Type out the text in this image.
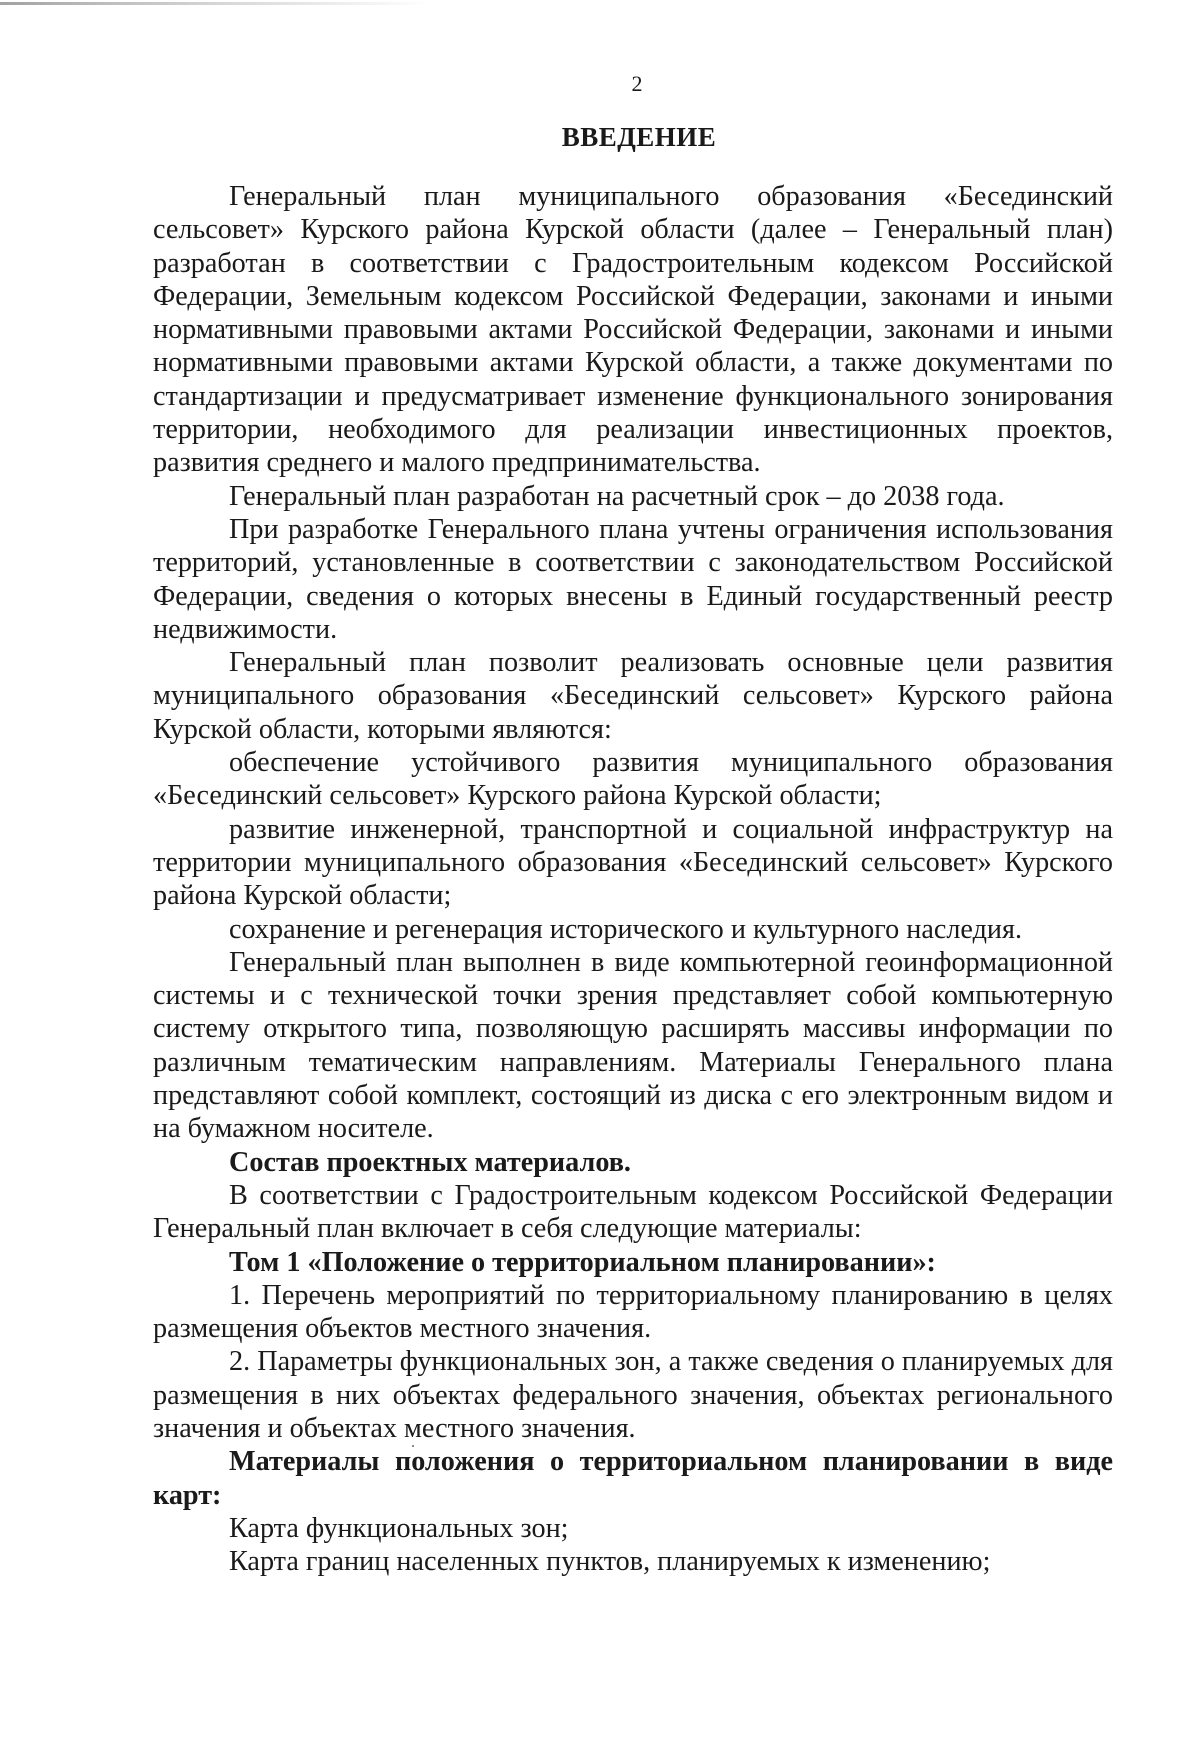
2
ВВЕДЕНИЕ

Генеральный план муниципального образования «Бесединский сельсовет» Курского района Курской области (далее – Генеральный план) разработан в соответствии с Градостроительным кодексом Российской Федерации, Земельным кодексом Российской Федерации, законами и иными нормативными правовыми актами Российской Федерации, законами и иными нормативными правовыми актами Курской области, а также документами по стандартизации и предусматривает изменение функционального зонирования территории, необходимого для реализации инвестиционных проектов, развития среднего и малого предпринимательства.

Генеральный план разработан на расчетный срок – до 2038 года.

При разработке Генерального плана учтены ограничения использования территорий, установленные в соответствии с законодательством Российской Федерации, сведения о которых внесены в Единый государственный реестр недвижимости.

Генеральный план позволит реализовать основные цели развития муниципального образования «Бесединский сельсовет» Курского района Курской области, которыми являются:

обеспечение устойчивого развития муниципального образования «Бесединский сельсовет» Курского района Курской области;

развитие инженерной, транспортной и социальной инфраструктур на территории муниципального образования «Бесединский сельсовет» Курского района Курской области;

сохранение и регенерация исторического и культурного наследия.

Генеральный план выполнен в виде компьютерной геоинформационной системы и с технической точки зрения представляет собой компьютерную систему открытого типа, позволяющую расширять массивы информации по различным тематическим направлениям. Материалы Генерального плана представляют собой комплект, состоящий из диска с его электронным видом и на бумажном носителе.

Состав проектных материалов.

В соответствии с Градостроительным кодексом Российской Федерации Генеральный план включает в себя следующие материалы:

Том 1 «Положение о территориальном планировании»:

1. Перечень мероприятий по территориальному планированию в целях размещения объектов местного значения.

2. Параметры функциональных зон, а также сведения о планируемых для размещения в них объектах федерального значения, объектах регионального значения и объектах местного значения.

Материалы положения о территориальном планировании в виде карт:

Карта функциональных зон;

Карта границ населенных пунктов, планируемых к изменению;
